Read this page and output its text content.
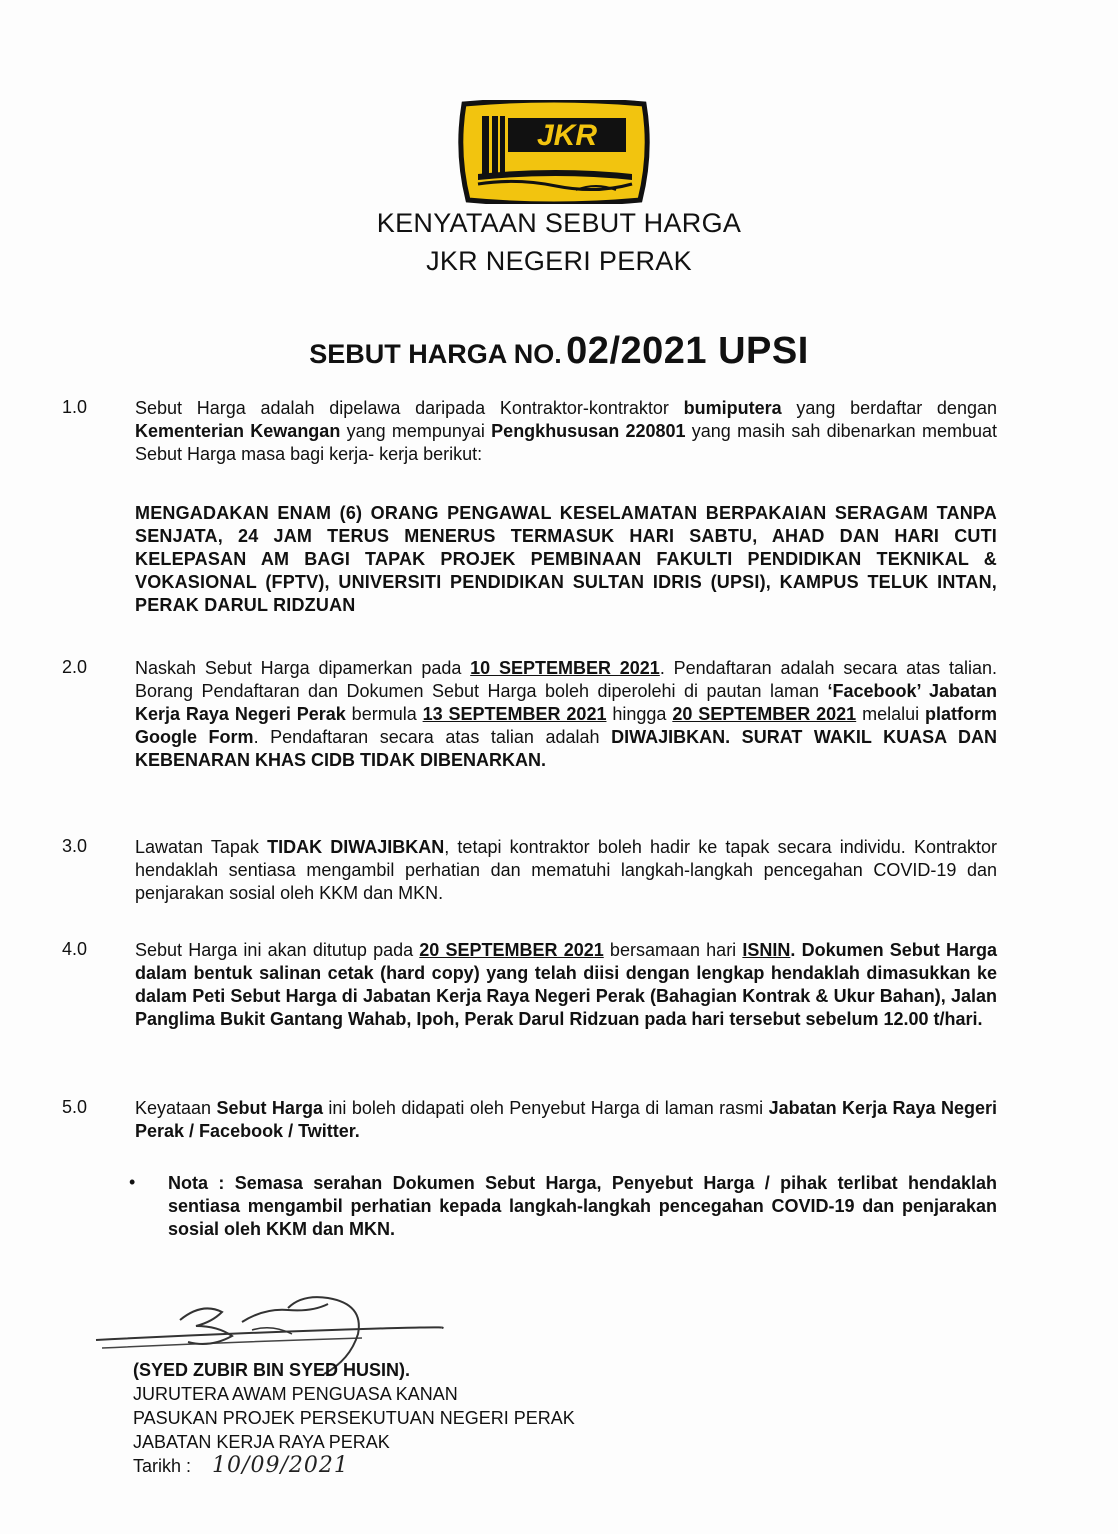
JKR
KENYATAAN SEBUT HARGA
JKR NEGERI PERAK
SEBUT HARGA NO. 02/2021 UPSI
1.0	Sebut Harga adalah dipelawa daripada Kontraktor-kontraktor bumiputera yang berdaftar dengan Kementerian Kewangan yang mempunyai Pengkhususan 220801 yang masih sah dibenarkan membuat Sebut Harga masa bagi kerja- kerja berikut:
MENGADAKAN ENAM (6) ORANG PENGAWAL KESELAMATAN BERPAKAIAN SERAGAM TANPA SENJATA, 24 JAM TERUS MENERUS TERMASUK HARI SABTU, AHAD DAN HARI CUTI KELEPASAN AM BAGI TAPAK PROJEK PEMBINAAN FAKULTI PENDIDIKAN TEKNIKAL & VOKASIONAL (FPTV), UNIVERSITI PENDIDIKAN SULTAN IDRIS (UPSI), KAMPUS TELUK INTAN, PERAK DARUL RIDZUAN
2.0	Naskah Sebut Harga dipamerkan pada 10 SEPTEMBER 2021. Pendaftaran adalah secara atas talian. Borang Pendaftaran dan Dokumen Sebut Harga boleh diperolehi di pautan laman ‘Facebook’ Jabatan Kerja Raya Negeri Perak bermula 13 SEPTEMBER 2021 hingga 20 SEPTEMBER 2021 melalui platform Google Form. Pendaftaran secara atas talian adalah DIWAJIBKAN. SURAT WAKIL KUASA DAN KEBENARAN KHAS CIDB TIDAK DIBENARKAN.
3.0	Lawatan Tapak TIDAK DIWAJIBKAN, tetapi kontraktor boleh hadir ke tapak secara individu. Kontraktor hendaklah sentiasa mengambil perhatian dan mematuhi langkah-langkah pencegahan COVID-19 dan penjarakan sosial oleh KKM dan MKN.
4.0	Sebut Harga ini akan ditutup pada 20 SEPTEMBER 2021 bersamaan hari ISNIN. Dokumen Sebut Harga dalam bentuk salinan cetak (hard copy) yang telah diisi dengan lengkap hendaklah dimasukkan ke dalam Peti Sebut Harga di Jabatan Kerja Raya Negeri Perak (Bahagian Kontrak & Ukur Bahan), Jalan Panglima Bukit Gantang Wahab, Ipoh, Perak Darul Ridzuan pada hari tersebut sebelum 12.00 t/hari.
5.0	Keyataan Sebut Harga ini boleh didapati oleh Penyebut Harga di laman rasmi Jabatan Kerja Raya Negeri Perak / Facebook / Twitter.
• Nota : Semasa serahan Dokumen Sebut Harga, Penyebut Harga / pihak terlibat hendaklah sentiasa mengambil perhatian kepada langkah-langkah pencegahan COVID-19 dan penjarakan sosial oleh KKM dan MKN.
(SYED ZUBIR BIN SYED HUSIN).
JURUTERA AWAM PENGUASA KANAN
PASUKAN PROJEK PERSEKUTUAN NEGERI PERAK
JABATAN KERJA RAYA PERAK
Tarikh : 10/09/2021
